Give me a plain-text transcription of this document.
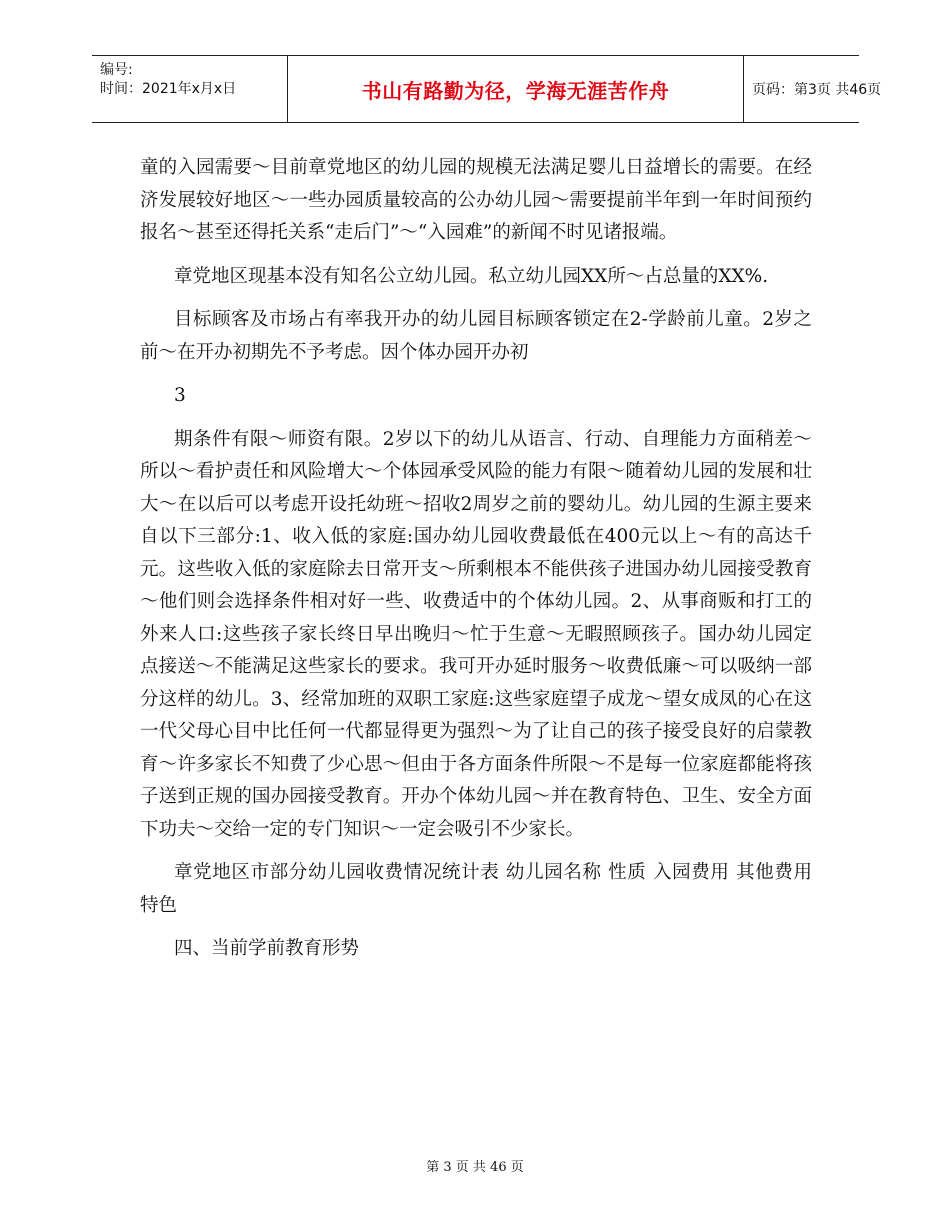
编号:
时间：2021年x月x日	书山有路勤为径，学海无涯苦作舟	页码：第3页 共46页

童的入园需要～目前章党地区的幼儿园的规模无法满足婴儿日益增长的需要。在经济发展较好地区～一些办园质量较高的公办幼儿园～需要提前半年到一年时间预约报名～甚至还得托关系“走后门”～“入园难”的新闻不时见诸报端。

章党地区现基本没有知名公立幼儿园。私立幼儿园XX所～占总量的XX%.

目标顾客及市场占有率我开办的幼儿园目标顾客锁定在2-学龄前儿童。2岁之前～在开办初期先不予考虑。因个体办园开办初

3

期条件有限～师资有限。2岁以下的幼儿从语言、行动、自理能力方面稍差～所以～看护责任和风险增大～个体园承受风险的能力有限～随着幼儿园的发展和壮大～在以后可以考虑开设托幼班～招收2周岁之前的婴幼儿。幼儿园的生源主要来自以下三部分:1、收入低的家庭:国办幼儿园收费最低在400元以上～有的高达千元。这些收入低的家庭除去日常开支～所剩根本不能供孩子进国办幼儿园接受教育～他们则会选择条件相对好一些、收费适中的个体幼儿园。2、从事商贩和打工的外来人口:这些孩子家长终日早出晚归～忙于生意～无暇照顾孩子。国办幼儿园定点接送～不能满足这些家长的要求。我可开办延时服务～收费低廉～可以吸纳一部分这样的幼儿。3、经常加班的双职工家庭:这些家庭望子成龙～望女成凤的心在这一代父母心目中比任何一代都显得更为强烈～为了让自己的孩子接受良好的启蒙教育～许多家长不知费了少心思～但由于各方面条件所限～不是每一位家庭都能将孩子送到正规的国办园接受教育。开办个体幼儿园～并在教育特色、卫生、安全方面下功夫～交给一定的专门知识～一定会吸引不少家长。

章党地区市部分幼儿园收费情况统计表 幼儿园名称 性质 入园费用 其他费用 特色

四、当前学前教育形势

第 3 页 共 46 页
